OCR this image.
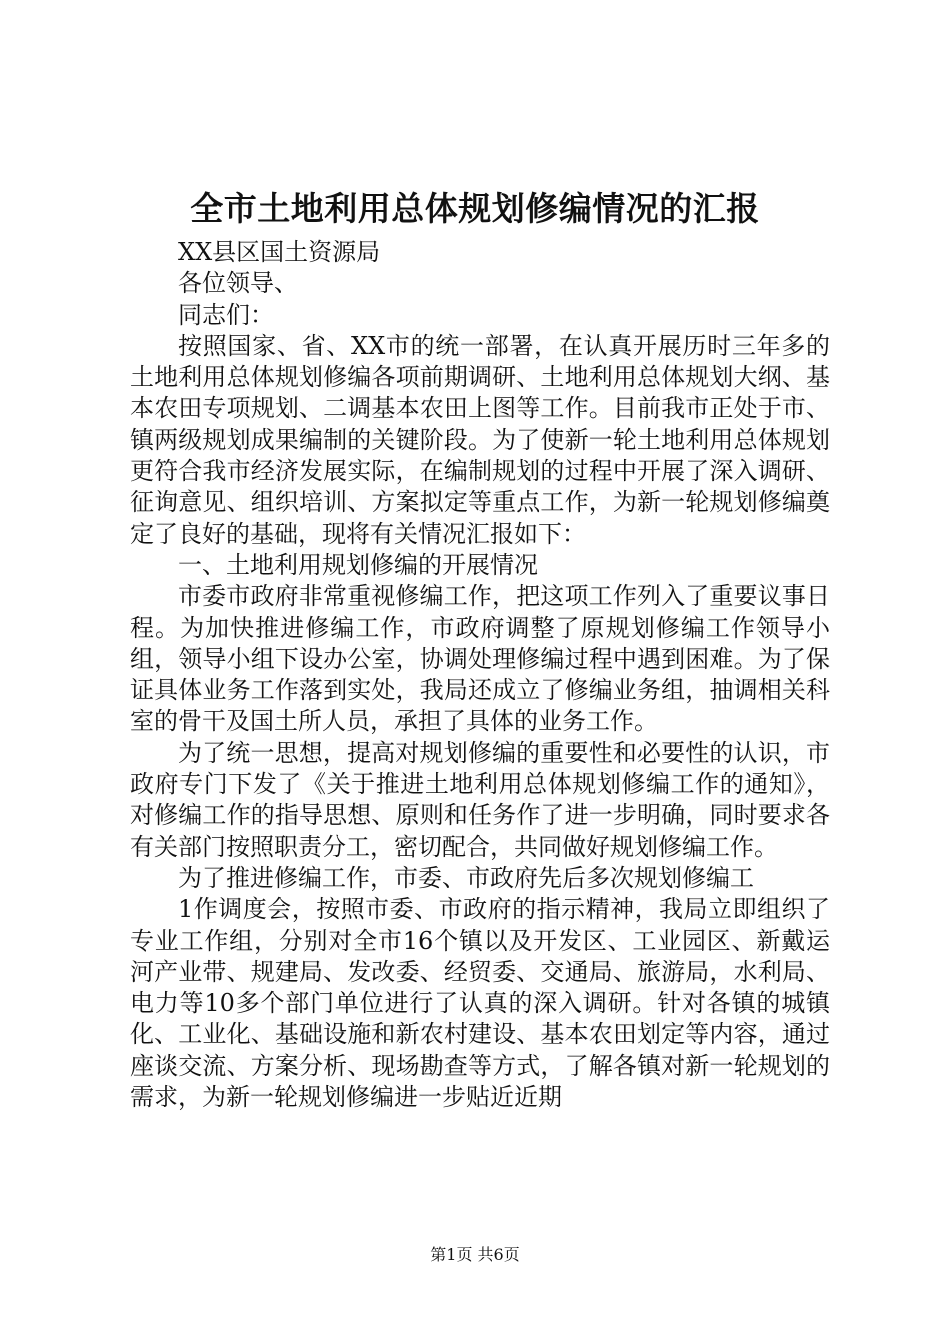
全市土地利用总体规划修编情况的汇报

XX县区国土资源局

各位领导、

同志们：

按照国家、省、XX市的统一部署，在认真开展历时三年多的土地利用总体规划修编各项前期调研、土地利用总体规划大纲、基本农田专项规划、二调基本农田上图等工作。目前我市正处于市、镇两级规划成果编制的关键阶段。为了使新一轮土地利用总体规划更符合我市经济发展实际，在编制规划的过程中开展了深入调研、征询意见、组织培训、方案拟定等重点工作，为新一轮规划修编奠定了良好的基础，现将有关情况汇报如下：

一、土地利用规划修编的开展情况

市委市政府非常重视修编工作，把这项工作列入了重要议事日程。为加快推进修编工作，市政府调整了原规划修编工作领导小组，领导小组下设办公室，协调处理修编过程中遇到困难。为了保证具体业务工作落到实处，我局还成立了修编业务组，抽调相关科室的骨干及国土所人员，承担了具体的业务工作。

为了统一思想，提高对规划修编的重要性和必要性的认识，市政府专门下发了《关于推进土地利用总体规划修编工作的通知》，对修编工作的指导思想、原则和任务作了进一步明确，同时要求各有关部门按照职责分工，密切配合，共同做好规划修编工作。

为了推进修编工作，市委、市政府先后多次规划修编工

1作调度会，按照市委、市政府的指示精神，我局立即组织了专业工作组，分别对全市16个镇以及开发区、工业园区、新戴运河产业带、规建局、发改委、经贸委、交通局、旅游局，水利局、电力等10多个部门单位进行了认真的深入调研。针对各镇的城镇化、工业化、基础设施和新农村建设、基本农田划定等内容，通过座谈交流、方案分析、现场勘查等方式，了解各镇对新一轮规划的需求，为新一轮规划修编进一步贴近近期

第1页 共6页
